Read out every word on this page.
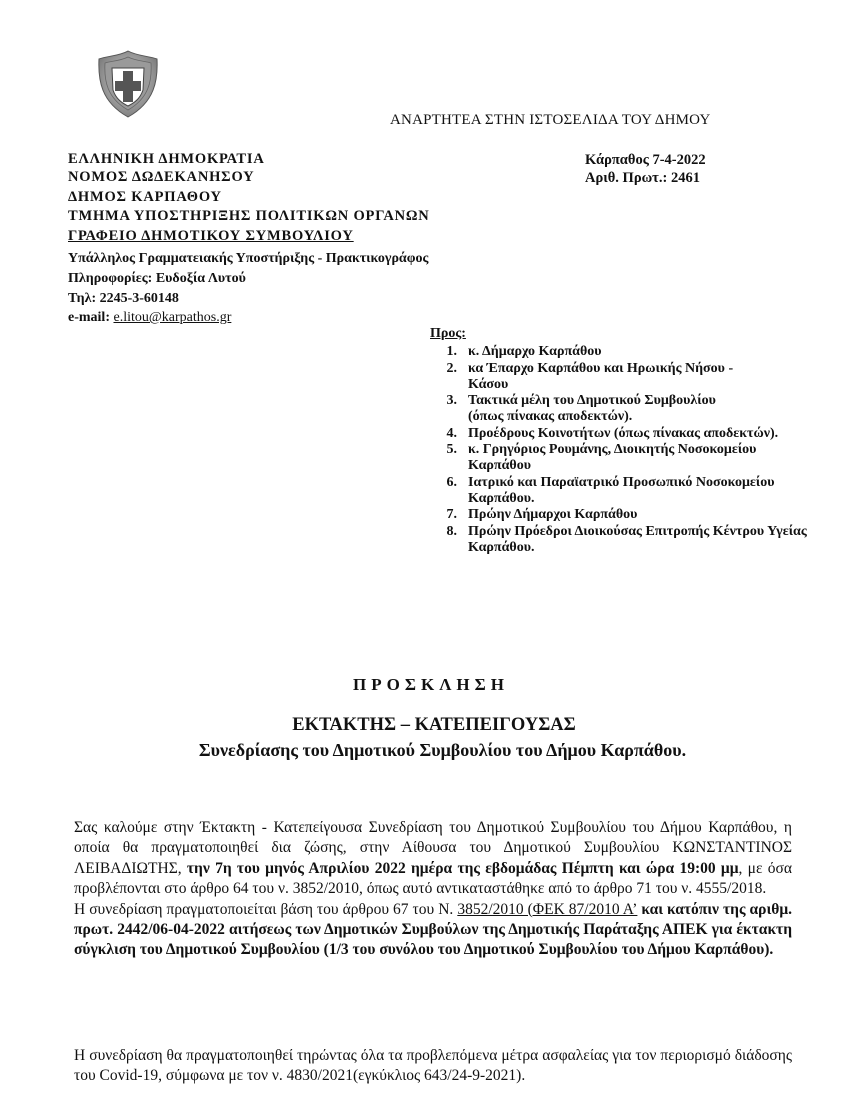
ΑΝΑΡΤΗΤΕΑ ΣΤΗΝ ΙΣΤΟΣΕΛΙΔΑ ΤΟΥ ΔΗΜΟΥ
ΕΛΛΗΝΙΚΗ ΔΗΜΟΚΡΑΤΙΑ
ΝΟΜΟΣ ΔΩΔΕΚΑΝΗΣΟΥ
ΔΗΜΟΣ ΚΑΡΠΑΘΟΥ
ΤΜΗΜΑ ΥΠΟΣΤΗΡΙΞΗΣ ΠΟΛΙΤΙΚΩΝ ΟΡΓΑΝΩΝ
ΓΡΑΦΕΙΟ ΔΗΜΟΤΙΚΟΥ ΣΥΜΒΟΥΛΙΟΥ
Υπάλληλος Γραμματειακής Υποστήριξης - Πρακτικογράφος
Πληροφορίες: Ευδοξία Λυτού
Τηλ: 2245-3-60148
e-mail: e.litou@karpathos.gr
Κάρπαθος 7-4-2022
Αριθ. Πρωτ.: 2461
Προς:
1. κ. Δήμαρχο Καρπάθου
2. κα Έπαρχο Καρπάθου και Ηρωικής Νήσου - Κάσου
3. Τακτικά μέλη του Δημοτικού Συμβουλίου (όπως πίνακας αποδεκτών).
4. Προέδρους Κοινοτήτων (όπως πίνακας αποδεκτών).
5. κ. Γρηγόριος Ρουμάνης, Διοικητής Νοσοκομείου Καρπάθου
6. Ιατρικό και Παραϊατρικό Προσωπικό Νοσοκομείου Καρπάθου.
7. Πρώην Δήμαρχοι Καρπάθου
8. Πρώην Πρόεδροι Διοικούσας Επιτροπής Κέντρου Υγείας Καρπάθου.
ΠΡΟΣΚΛΗΣΗ
ΕΚΤΑΚΤΗΣ – ΚΑΤΕΠΕΙΓΟΥΣΑΣ
Συνεδρίασης του Δημοτικού Συμβουλίου του Δήμου Καρπάθου.
Σας καλούμε στην Έκτακτη - Κατεπείγουσα Συνεδρίαση του Δημοτικού Συμβουλίου του Δήμου Καρπάθου, η οποία θα πραγματοποιηθεί δια ζώσης, στην Αίθουσα του Δημοτικού Συμβουλίου ΚΩΝΣΤΑΝΤΙΝΟΣ ΛΕΙΒΑΔΙΩΤΗΣ, την 7η του μηνός Απριλίου 2022 ημέρα της εβδομάδας Πέμπτη και ώρα 19:00 μμ, με όσα προβλέπονται στο άρθρο 64 του ν. 3852/2010, όπως αυτό αντικαταστάθηκε από το άρθρο 71 του ν. 4555/2018.
Η συνεδρίαση πραγματοποιείται βάση του άρθρου 67 του Ν. 3852/2010 (ΦΕΚ 87/2010 Α’ και κατόπιν της αριθμ. πρωτ. 2442/06-04-2022 αιτήσεως των Δημοτικών Συμβούλων της Δημοτικής Παράταξης ΑΠΕΚ για έκτακτη σύγκλιση του Δημοτικού Συμβουλίου (1/3 του συνόλου του Δημοτικού Συμβουλίου του Δήμου Καρπάθου).
Η συνεδρίαση θα πραγματοποιηθεί τηρώντας όλα τα προβλεπόμενα μέτρα ασφαλείας για τον περιορισμό διάδοσης του Covid-19, σύμφωνα με τον ν. 4830/2021(εγκύκλιος 643/24-9-2021).
